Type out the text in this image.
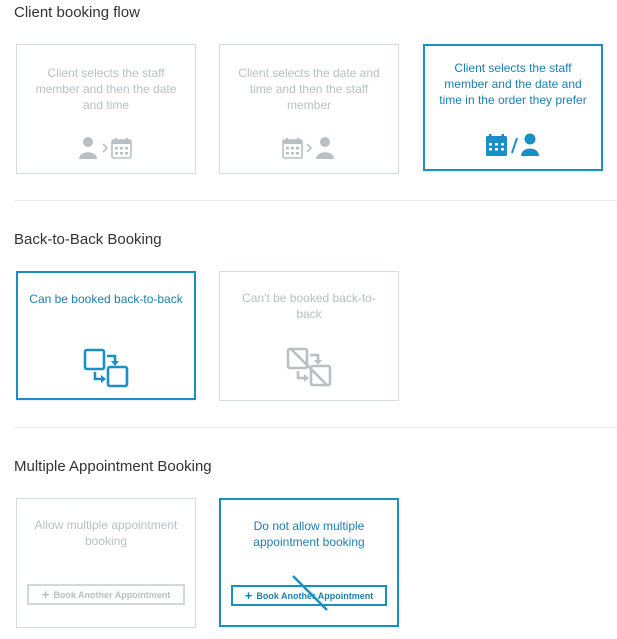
Client booking flow
Client selects the staff member and then the date and time
Client selects the date and time and then the staff member
Client selects the staff member and the date and time in the order they prefer
Back-to-Back Booking
Can be booked back-to-back	Can't be booked back-to-back
Multiple Appointment Booking
Allow multiple appointment booking
+ Book Another Appointment
Do not allow multiple appointment booking
+ Book Another Appointment
